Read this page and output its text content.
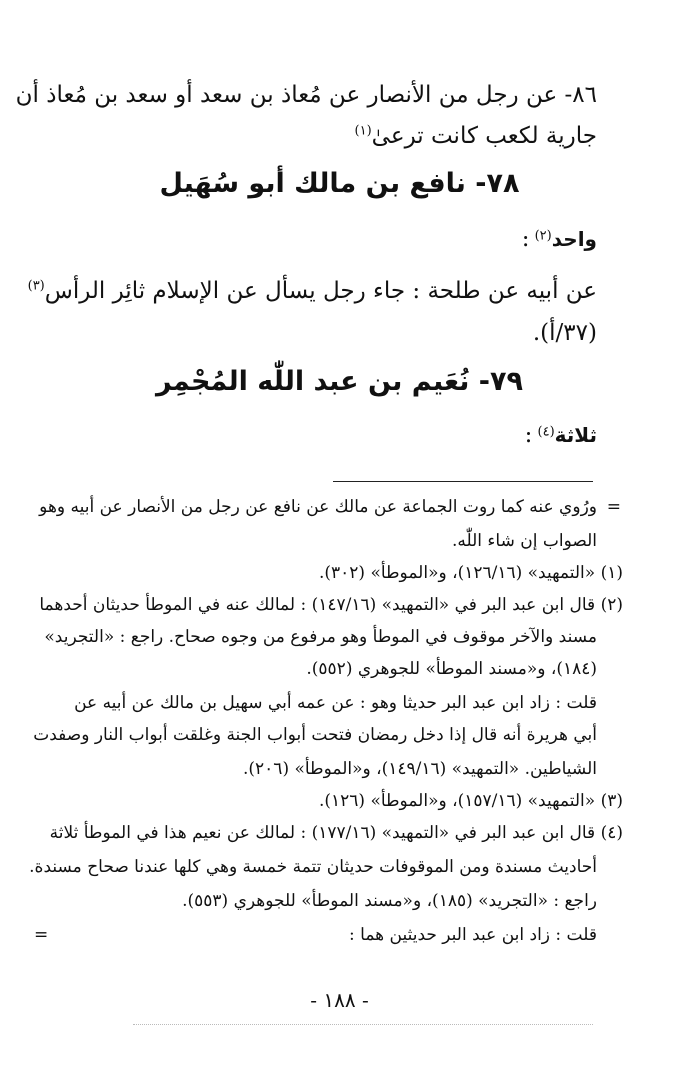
٨٦- عن رجل من الأنصار عن مُعاذ بن سعد أو سعد بن مُعاذ أن
جارية لكعب كانت ترعىٰ$^{(١)}$
٧٨- نافع بن مالك أبو سُهَيل
واحد$^{(٢)}$ :
عن أبيه عن طلحة : جاء رجل يسأل عن الإسلام ثائِر الرأس$^{(٣)}$
(٣٧/أ).
٧٩- نُعَيم بن عبد اللّٰه المُجْمِر
ثلاثة$^{(٤)}$ :
=
ورُوي عنه كما روت الجماعة عن مالك عن نافع عن رجل من الأنصار عن أبيه وهو
الصواب إن شاء اللّٰه.
(١) «التمهيد» (١٢٦/١٦)، و«الموطأ» (٣٠٢).
(٢) قال ابن عبد البر في «التمهيد» (١٤٧/١٦) : لمالك عنه في الموطأ حديثان أحدهما
مسند والآخر موقوف في الموطأ وهو مرفوع من وجوه صحاح. راجع : «التجريد»
(١٨٤)، و«مسند الموطأ» للجوهري (٥٥٢).
قلت : زاد ابن عبد البر حديثا وهو : عن عمه أبي سهيل بن مالك عن أبيه عن
أبي هريرة أنه قال إذا دخل رمضان فتحت أبواب الجنة وغلقت أبواب النار وصفدت
الشياطين. «التمهيد» (١٤٩/١٦)، و«الموطأ» (٢٠٦).
(٣) «التمهيد» (١٥٧/١٦)، و«الموطأ» (١٢٦).
(٤) قال ابن عبد البر في «التمهيد» (١٧٧/١٦) : لمالك عن نعيم هذا في الموطأ ثلاثة
أحاديث مسندة ومن الموقوفات حديثان تتمة خمسة وهي كلها عندنا صحاح مسندة.
راجع : «التجريد» (١٨٥)، و«مسند الموطأ» للجوهري (٥٥٣).
قلت : زاد ابن عبد البر حديثين هما :
=
- ١٨٨ -
